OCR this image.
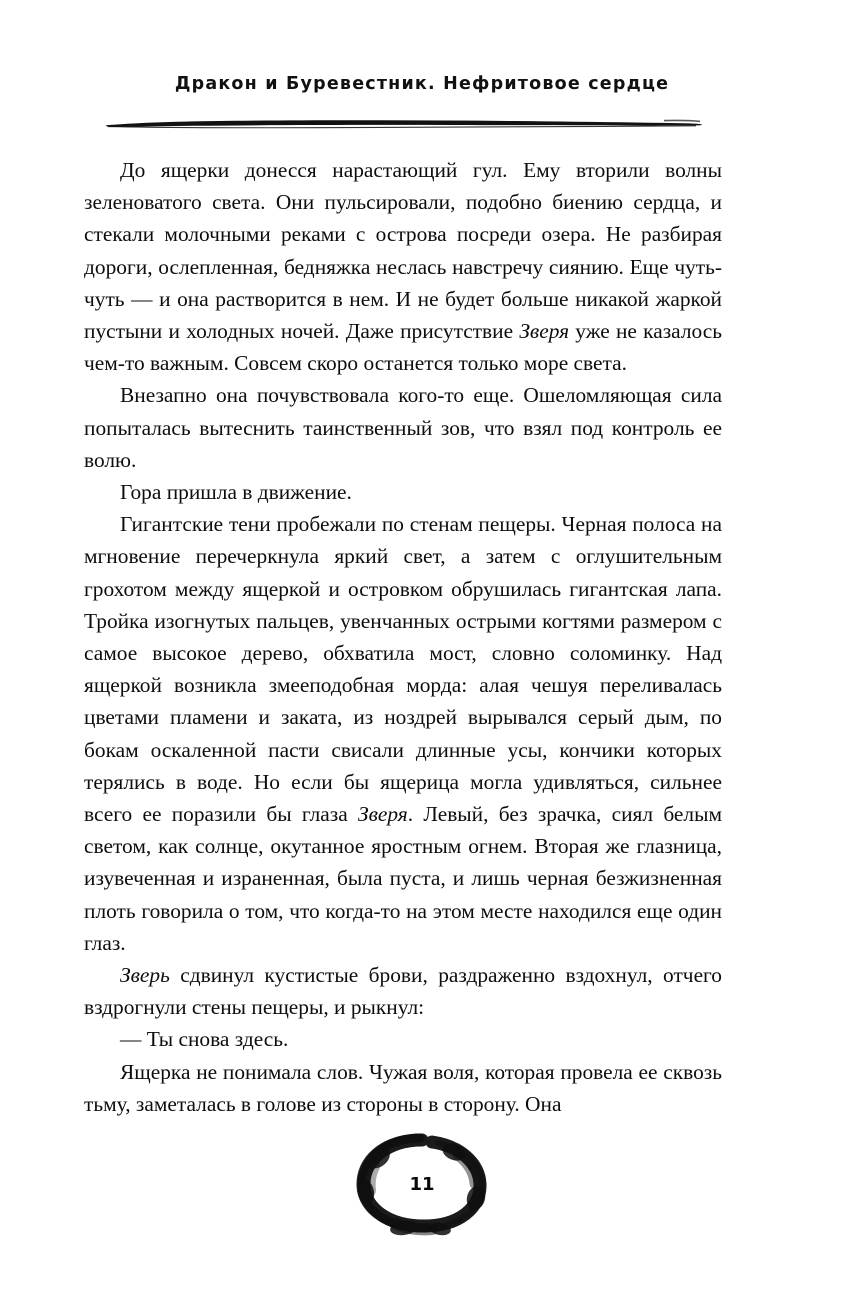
Дракон и Буревестник. Нефритовое сердце

До ящерки донесся нарастающий гул. Ему вторили волны зеленоватого света. Они пульсировали, подобно биению сердца, и стекали молочными реками с острова посреди озера. Не разбирая дороги, ослепленная, бедняжка неслась навстречу сиянию. Еще чуть-чуть — и она растворится в нем. И не будет больше никакой жаркой пустыни и холодных ночей. Даже присутствие Зверя уже не казалось чем-то важным. Совсем скоро останется только море света.

Внезапно она почувствовала кого-то еще. Ошеломляющая сила попыталась вытеснить таинственный зов, что взял под контроль ее волю.

Гора пришла в движение.

Гигантские тени пробежали по стенам пещеры. Черная полоса на мгновение перечеркнула яркий свет, а затем с оглушительным грохотом между ящеркой и островком обрушилась гигантская лапа. Тройка изогнутых пальцев, увенчанных острыми когтями размером с самое высокое дерево, обхватила мост, словно соломинку. Над ящеркой возникла змееподобная морда: алая чешуя переливалась цветами пламени и заката, из ноздрей вырывался серый дым, по бокам оскаленной пасти свисали длинные усы, кончики которых терялись в воде. Но если бы ящерица могла удивляться, сильнее всего ее поразили бы глаза Зверя. Левый, без зрачка, сиял белым светом, как солнце, окутанное яростным огнем. Вторая же глазница, изувеченная и израненная, была пуста, и лишь черная безжизненная плоть говорила о том, что когда-то на этом месте находился еще один глаз.

Зверь сдвинул кустистые брови, раздраженно вздохнул, отчего вздрогнули стены пещеры, и рыкнул:

— Ты снова здесь.

Ящерка не понимала слов. Чужая воля, которая провела ее сквозь тьму, заметалась в голове из стороны в сторону. Она

11
